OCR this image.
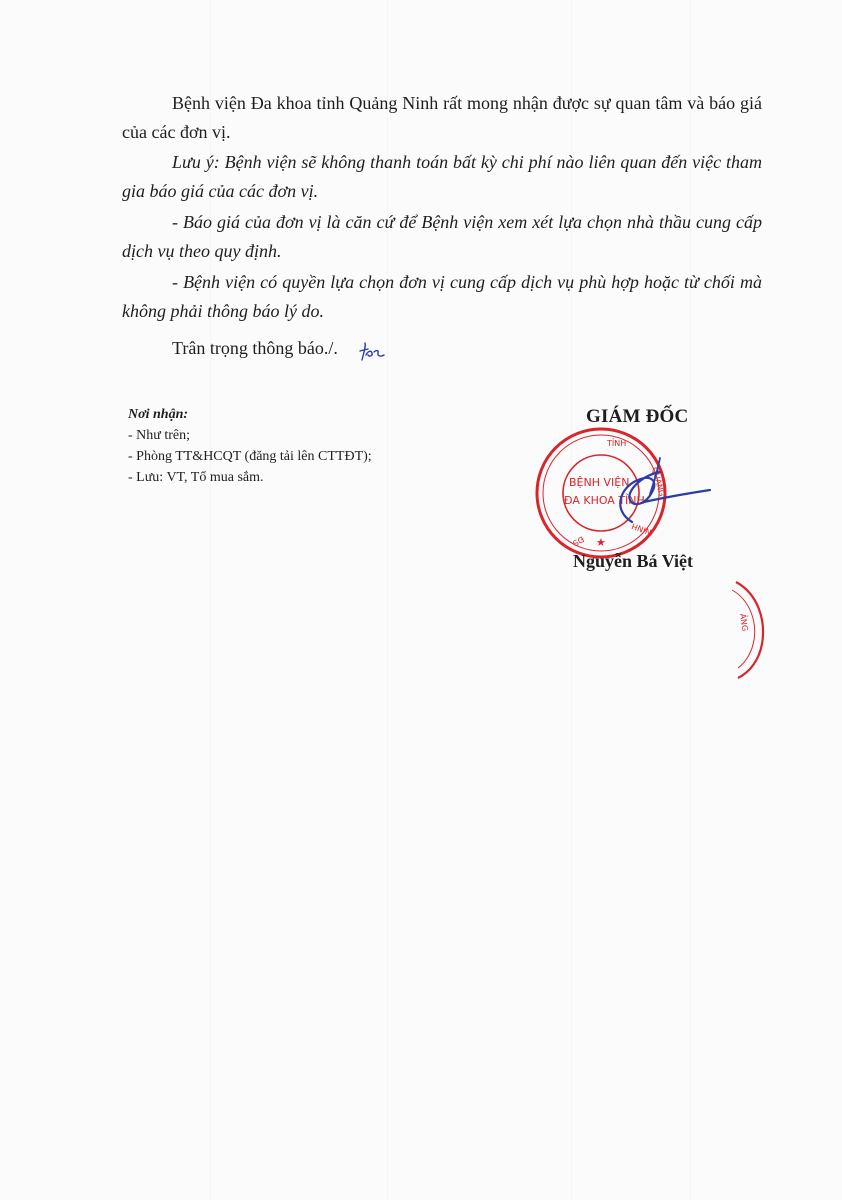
Bệnh viện Đa khoa tỉnh Quảng Ninh rất mong nhận được sự quan tâm và báo giá của các đơn vị.

Lưu ý: Bệnh viện sẽ không thanh toán bất kỳ chi phí nào liên quan đến việc tham gia báo giá của các đơn vị.

- Báo giá của đơn vị là căn cứ để Bệnh viện xem xét lựa chọn nhà thầu cung cấp dịch vụ theo quy định.

- Bệnh viện có quyền lựa chọn đơn vị cung cấp dịch vụ phù hợp hoặc từ chối mà không phải thông báo lý do.

Trân trọng thông báo./.

Nơi nhận:
- Như trên;
- Phòng TT&HCQT (đăng tải lên CTTĐT);
- Lưu: VT, Tổ mua sắm.
GIÁM ĐỐC
TỈNH
QUẢNG
NINH
ĐS
BỆNH VIỆN
ĐA KHOA TỈNH
★
Nguyễn Bá Việt
ẢNG
